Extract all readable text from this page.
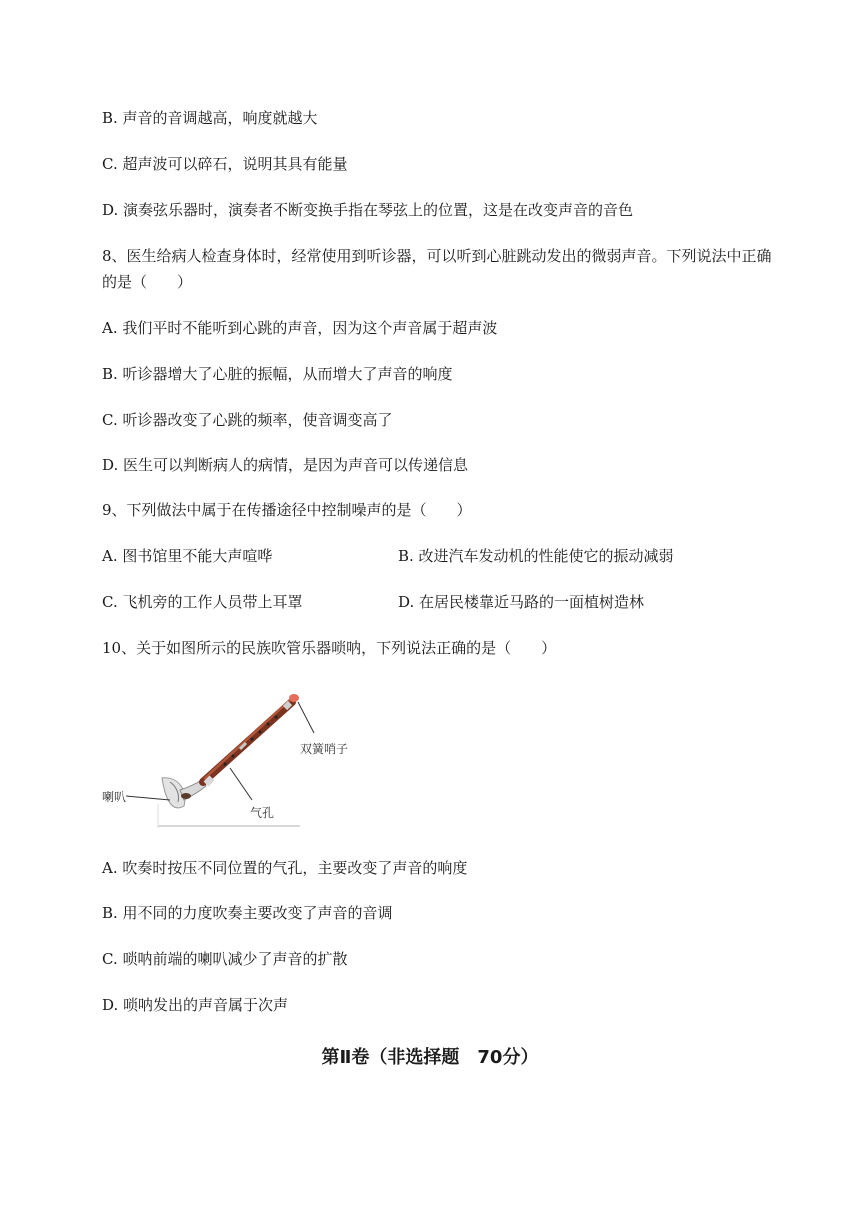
B. 声音的音调越高，响度就越大
C. 超声波可以碎石，说明其具有能量
D. 演奏弦乐器时，演奏者不断变换手指在琴弦上的位置，这是在改变声音的音色
8、医生给病人检查身体时，经常使用到听诊器，可以听到心脏跳动发出的微弱声音。下列说法中正确
的是（　　）
A. 我们平时不能听到心跳的声音，因为这个声音属于超声波
B. 听诊器增大了心脏的振幅，从而增大了声音的响度
C. 听诊器改变了心跳的频率，使音调变高了
D. 医生可以判断病人的病情，是因为声音可以传递信息
9、下列做法中属于在传播途径中控制噪声的是（　　）
A. 图书馆里不能大声喧哗	B. 改进汽车发动机的性能使它的振动减弱
C. 飞机旁的工作人员带上耳罩	D. 在居民楼靠近马路的一面植树造林
10、关于如图所示的民族吹管乐器唢呐，下列说法正确的是（　　）
双簧哨子
喇叭
气孔
A. 吹奏时按压不同位置的气孔，主要改变了声音的响度
B. 用不同的力度吹奏主要改变了声音的音调
C. 唢呐前端的喇叭减少了声音的扩散
D. 唢呐发出的声音属于次声
第Ⅱ卷（非选择题　70分）
